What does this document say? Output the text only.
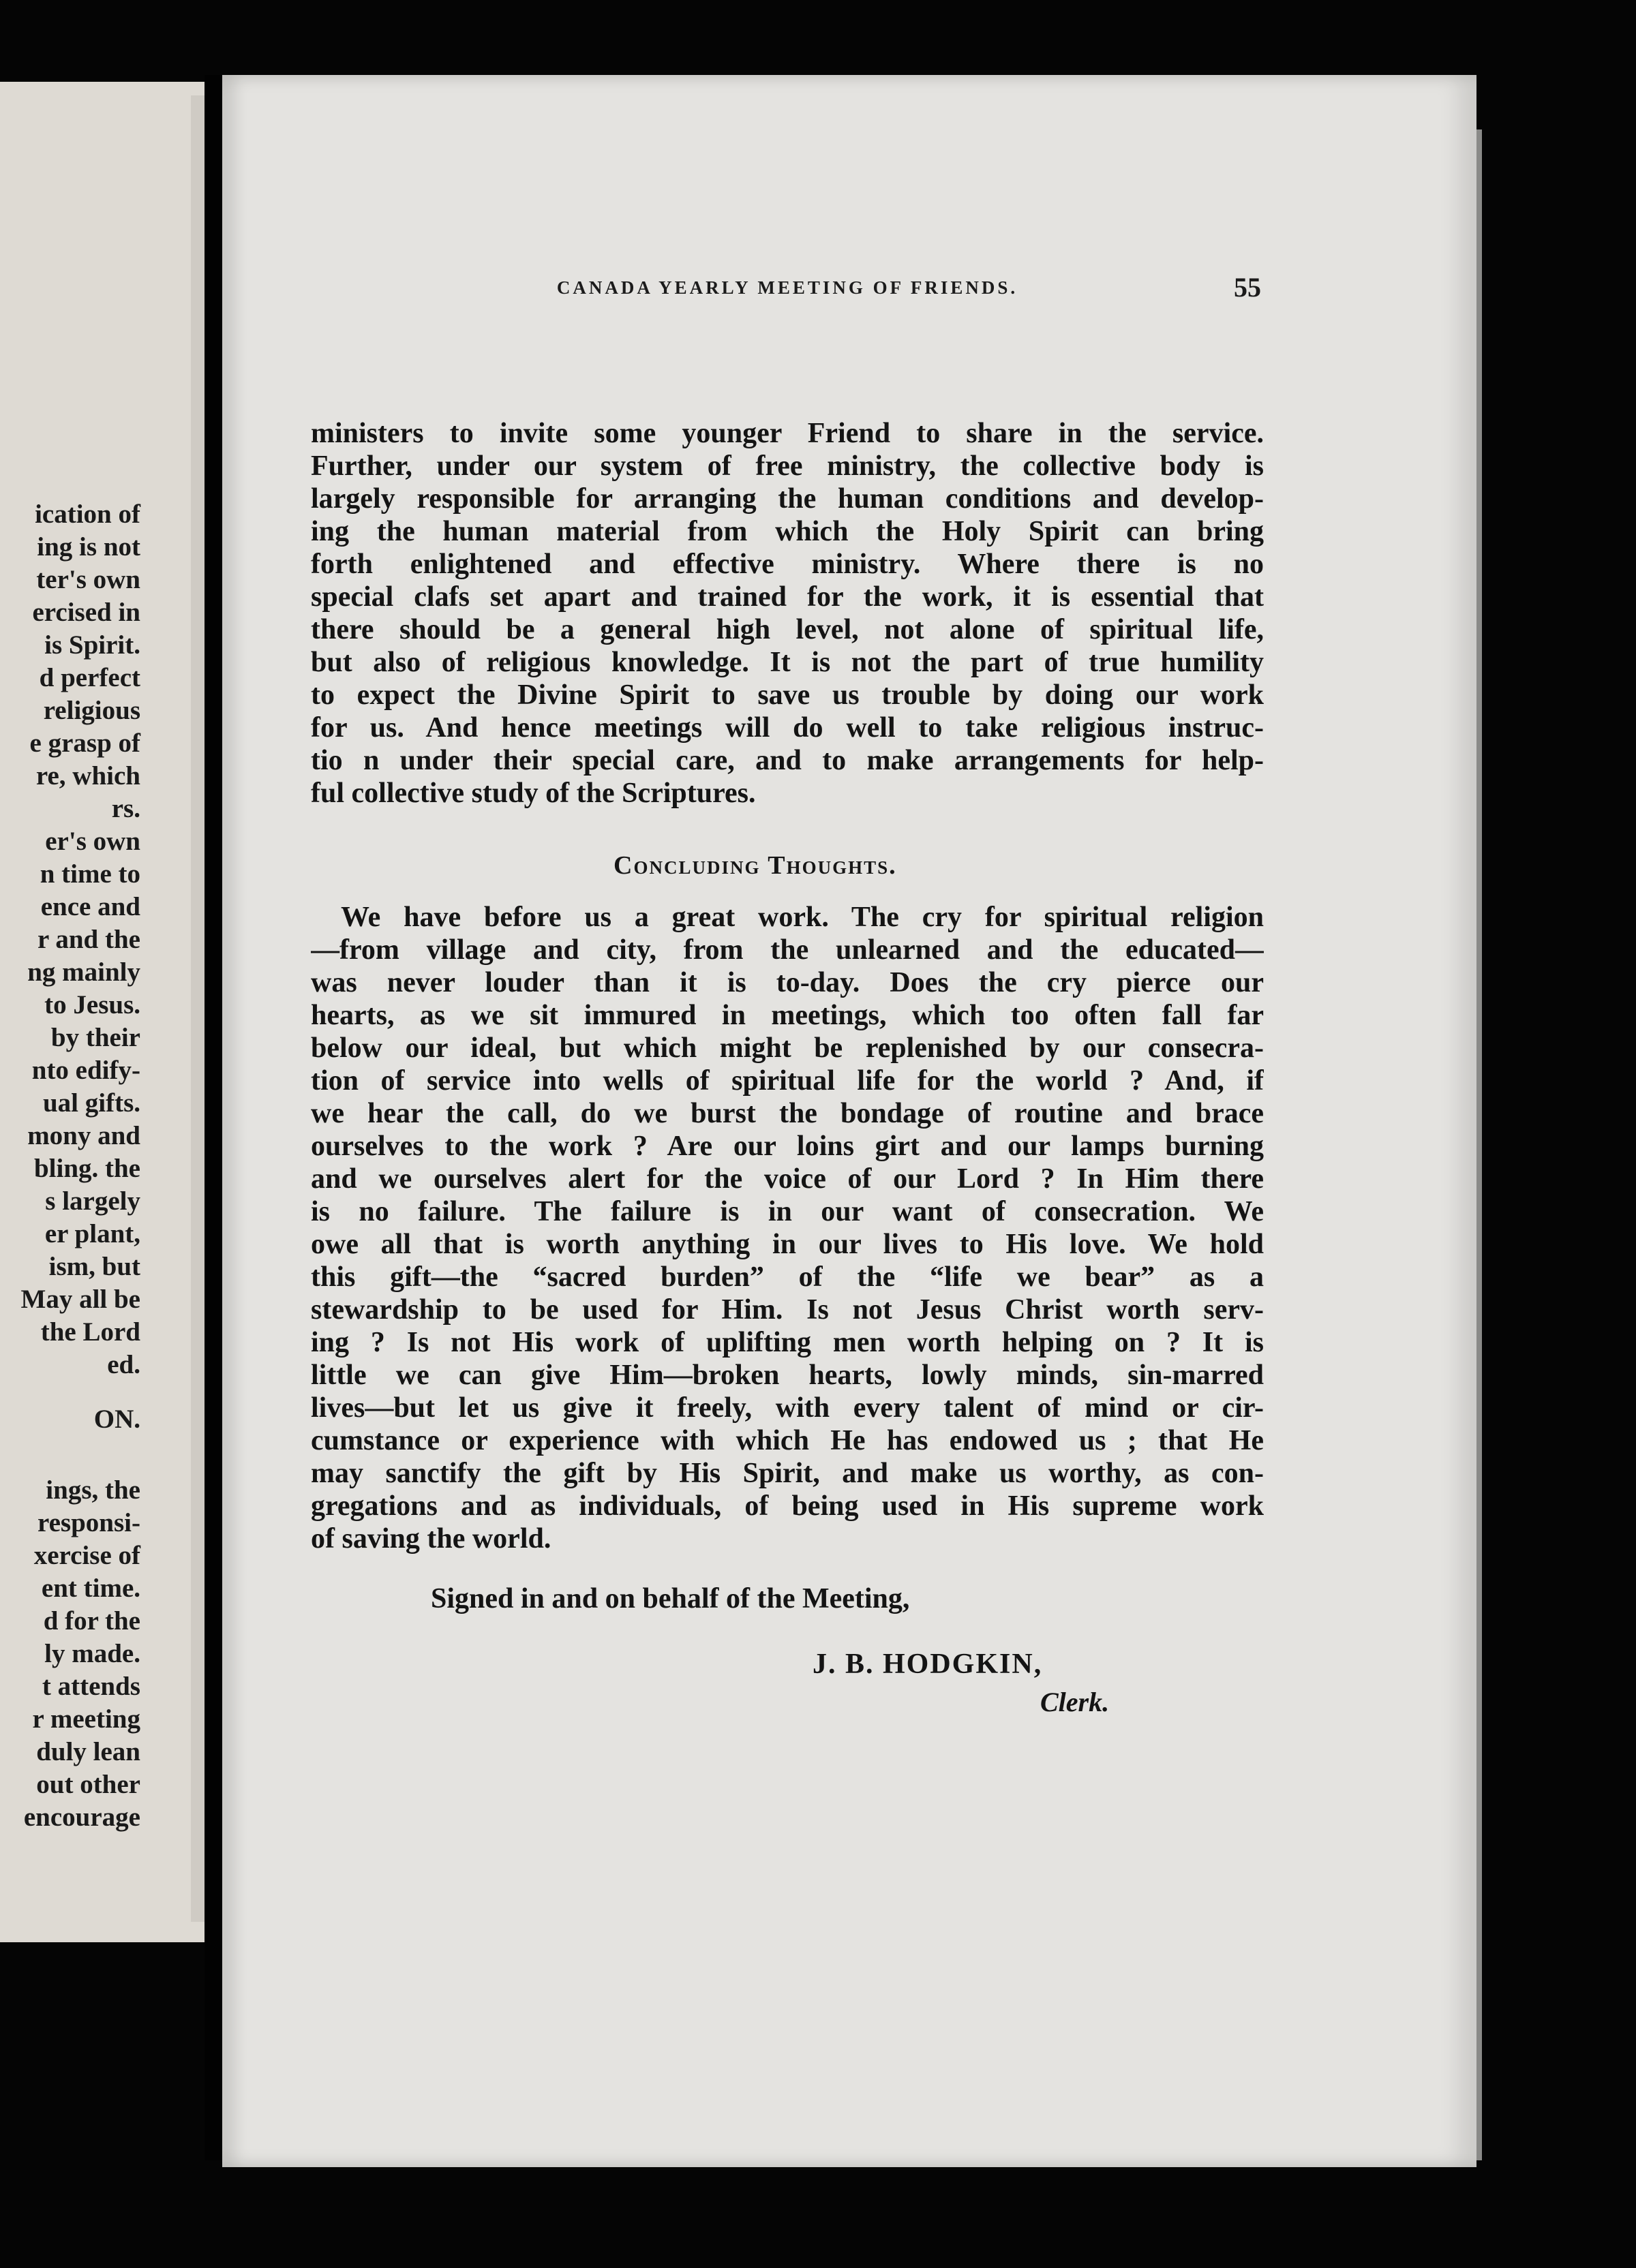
ication of
ing is not
ter's own
ercised in
is Spirit.
d perfect
religious
e grasp of
re, which
rs.
er's own
n time to
ence and
r and the
ng mainly
to Jesus.
by their
nto edify-
ual gifts.
mony and
bling. the
s largely
er plant,
ism, but
May all be
the Lord
ed.
ON.
ings, the
responsi-
xercise of
ent time.
d for the
ly made.
t attends
r meeting
duly lean
out other
encourage
CANADA YEARLY MEETING OF FRIENDS.	55
ministers to invite some younger Friend to share in the service.
Further, under our system of free ministry, the collective body is
largely responsible for arranging the human conditions and develop-
ing the human material from which the Holy Spirit can bring
forth enlightened and effective ministry. Where there is no
special clafs set apart and trained for the work, it is essential that
there should be a general high level, not alone of spiritual life,
but also of religious knowledge. It is not the part of true humility
to expect the Divine Spirit to save us trouble by doing our work
for us. And hence meetings will do well to take religious instruc-
tio n under their special care, and to make arrangements for help-
ful collective study of the Scriptures.
Concluding Thoughts.
We have before us a great work. The cry for spiritual religion
—from village and city, from the unlearned and the educated—
was never louder than it is to-day. Does the cry pierce our
hearts, as we sit immured in meetings, which too often fall far
below our ideal, but which might be replenished by our consecra-
tion of service into wells of spiritual life for the world ? And, if
we hear the call, do we burst the bondage of routine and brace
ourselves to the work ? Are our loins girt and our lamps burning
and we ourselves alert for the voice of our Lord ? In Him there
is no failure. The failure is in our want of consecration. We
owe all that is worth anything in our lives to His love. We hold
this gift—the “sacred burden” of the “life we bear” as a
stewardship to be used for Him. Is not Jesus Christ worth serv-
ing ? Is not His work of uplifting men worth helping on ? It is
little we can give Him—broken hearts, lowly minds, sin-marred
lives—but let us give it freely, with every talent of mind or cir-
cumstance or experience with which He has endowed us ; that He
may sanctify the gift by His Spirit, and make us worthy, as con-
gregations and as individuals, of being used in His supreme work
of saving the world.
Signed in and on behalf of the Meeting,
J. B. HODGKIN,
Clerk.
